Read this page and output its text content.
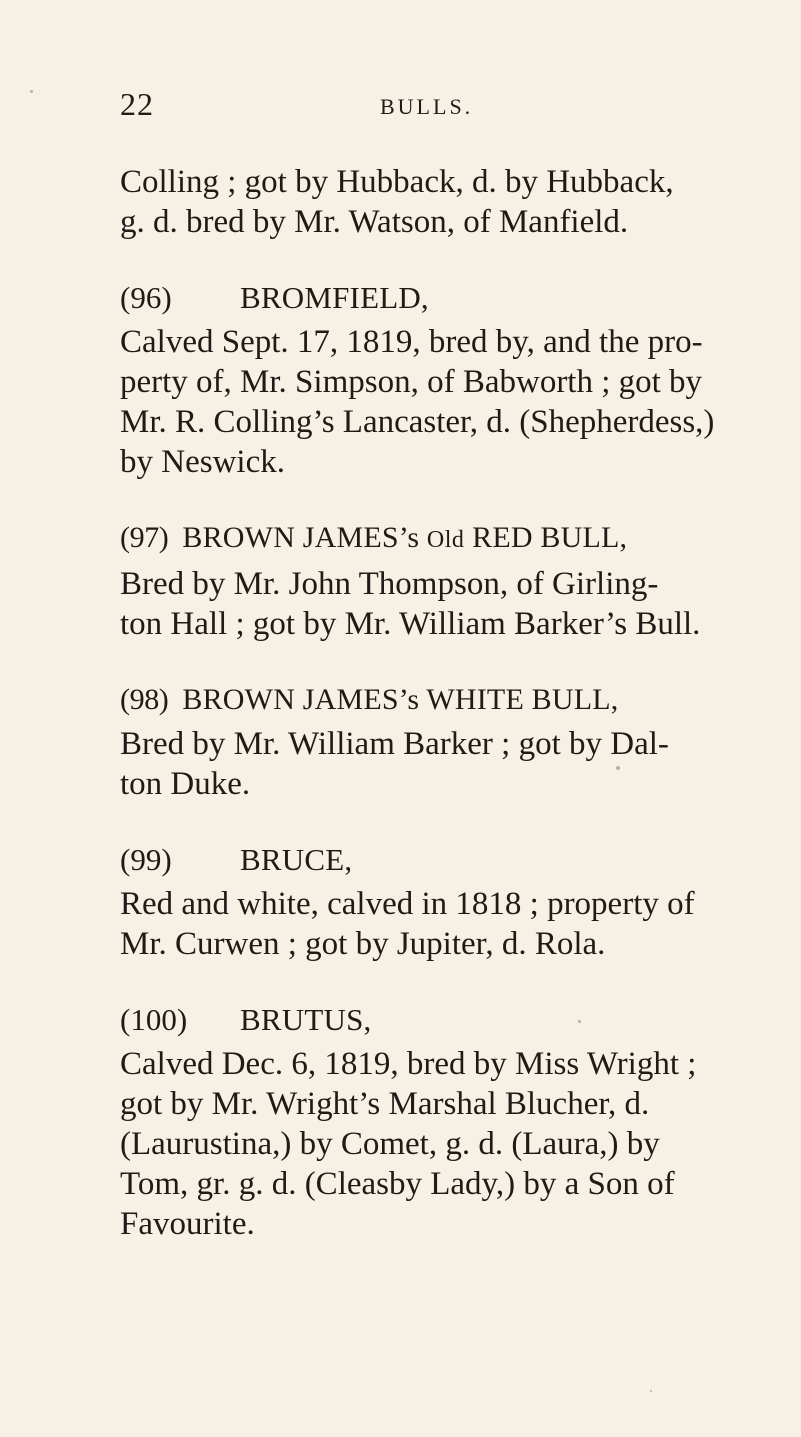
22	BULLS.

Colling ; got by Hubback, d. by Hubback,
g. d. bred by Mr. Watson, of Manfield.

(96)	BROMFIELD,

Calved Sept. 17, 1819, bred by, and the pro-
perty of, Mr. Simpson, of Babworth ; got by
Mr. R. Colling’s Lancaster, d. (Shepherdess,)
by Neswick.

(97) BROWN JAMES’s Old RED BULL,

Bred by Mr. John Thompson, of Girling-
ton Hall ; got by Mr. William Barker’s Bull.

(98) BROWN JAMES’s WHITE BULL,

Bred by Mr. William Barker ; got by Dal-
ton Duke.

(99)	BRUCE,

Red and white, calved in 1818 ; property of
Mr. Curwen ; got by Jupiter, d. Rola.

(100)	BRUTUS,

Calved Dec. 6, 1819, bred by Miss Wright ;
got by Mr. Wright’s Marshal Blucher, d.
(Laurustina,) by Comet, g. d. (Laura,) by
Tom, gr. g. d. (Cleasby Lady,) by a Son of
Favourite.
